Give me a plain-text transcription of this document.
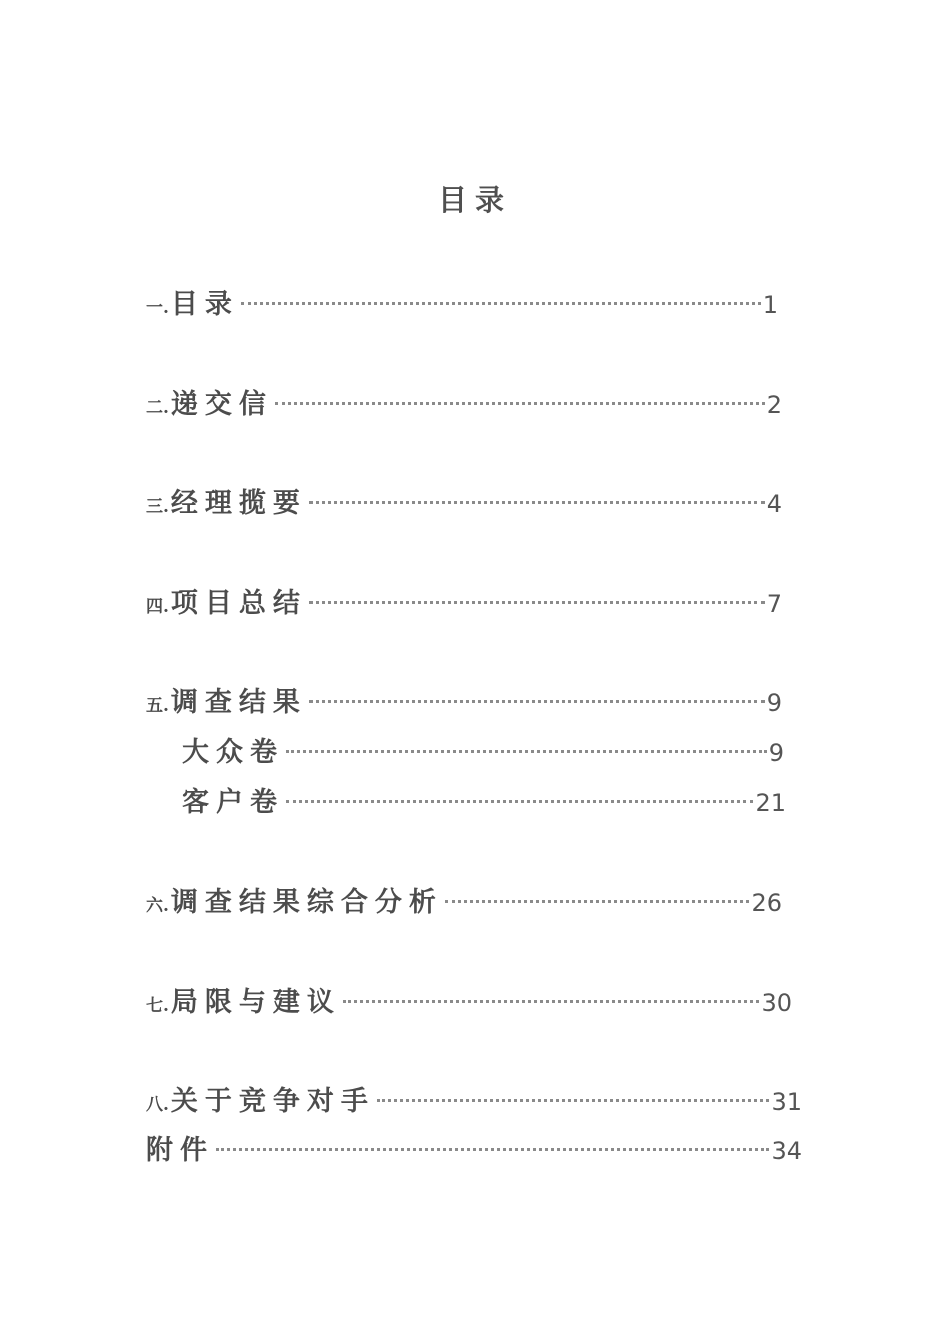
目录
一. 目录	1
二. 递交信	2
三. 经理揽要	4
四. 项目总结	7
五. 调查结果	9
大众卷	9
客户卷	21
六. 调查结果综合分析	26
七. 局限与建议	30
八. 关于竞争对手	31
附件	34
